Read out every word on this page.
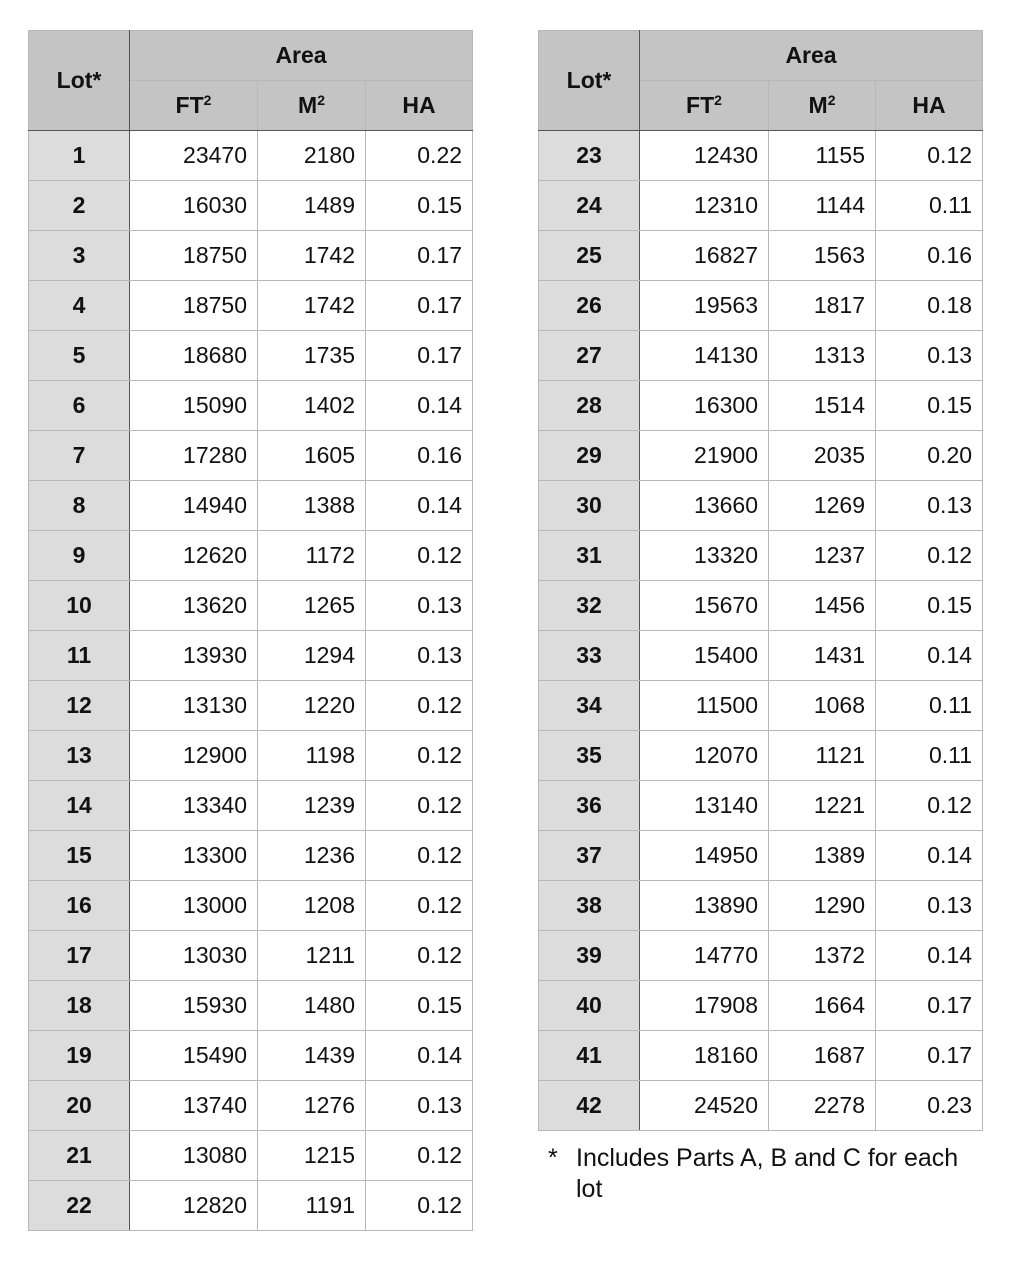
Lot*	Area		
	$FT^2$	$M^2$	HA
1	23470	2180	0.22
2	16030	1489	0.15
3	18750	1742	0.17
4	18750	1742	0.17
5	18680	1735	0.17
6	15090	1402	0.14
7	17280	1605	0.16
8	14940	1388	0.14
9	12620	1172	0.12
10	13620	1265	0.13
11	13930	1294	0.13
12	13130	1220	0.12
13	12900	1198	0.12
14	13340	1239	0.12
15	13300	1236	0.12
16	13000	1208	0.12
17	13030	1211	0.12
18	15930	1480	0.15
19	15490	1439	0.14
20	13740	1276	0.13
21	13080	1215	0.12
22	12820	1191	0.12
Lot*	Area		
	$FT^2$	$M^2$	HA
23	12430	1155	0.12
24	12310	1144	0.11
25	16827	1563	0.16
26	19563	1817	0.18
27	14130	1313	0.13
28	16300	1514	0.15
29	21900	2035	0.20
30	13660	1269	0.13
31	13320	1237	0.12
32	15670	1456	0.15
33	15400	1431	0.14
34	11500	1068	0.11
35	12070	1121	0.11
36	13140	1221	0.12
37	14950	1389	0.14
38	13890	1290	0.13
39	14770	1372	0.14
40	17908	1664	0.17
41	18160	1687	0.17
42	24520	2278	0.23
* Includes Parts A, B and C for each lot
